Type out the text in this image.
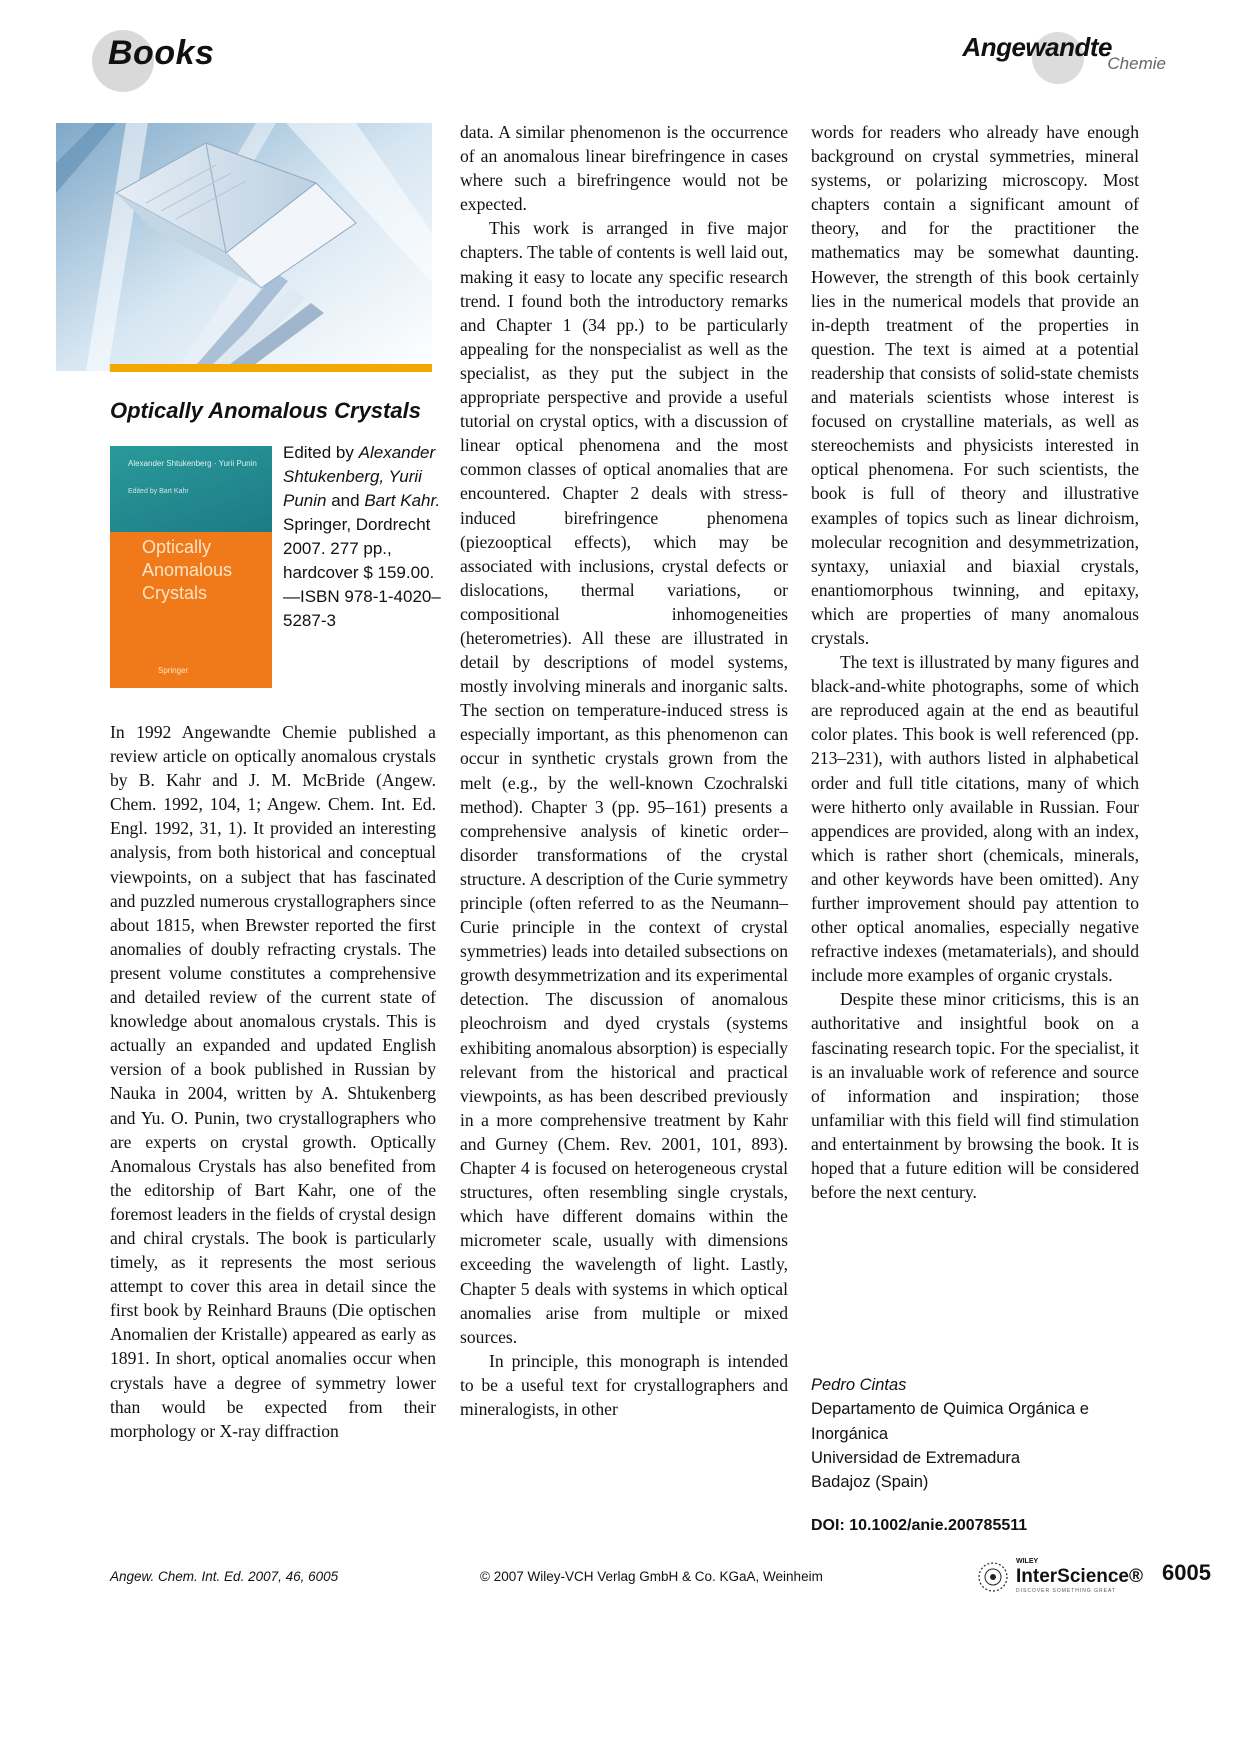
Books	Angewandte
Chemie
Optically Anomalous Crystals
Alexander Shtukenberg · Yurii Punin
Edited by Bart Kahr
Optically Anomalous Crystals
Springer
Edited by Alexander Shtukenberg, Yurii Punin and Bart Kahr. Springer, Dordrecht 2007. 277 pp., hardcover $ 159.00.—ISBN 978-1-4020–5287-3

In 1992 Angewandte Chemie published a review article on optically anomalous crystals by B. Kahr and J. M. McBride (Angew. Chem. 1992, 104, 1; Angew. Chem. Int. Ed. Engl. 1992, 31, 1). It provided an interesting analysis, from both historical and conceptual viewpoints, on a subject that has fascinated and puzzled numerous crystallographers since about 1815, when Brewster reported the first anomalies of doubly refracting crystals. The present volume constitutes a comprehensive and detailed review of the current state of knowledge about anomalous crystals. This is actually an expanded and updated English version of a book published in Russian by Nauka in 2004, written by A. Shtukenberg and Yu. O. Punin, two crystallographers who are experts on crystal growth. Optically Anomalous Crystals has also benefited from the editorship of Bart Kahr, one of the foremost leaders in the fields of crystal design and chiral crystals. The book is particularly timely, as it represents the most serious attempt to cover this area in detail since the first book by Reinhard Brauns (Die optischen Anomalien der Kristalle) appeared as early as 1891. In short, optical anomalies occur when crystals have a degree of symmetry lower than would be expected from their morphology or X-ray diffraction

data. A similar phenomenon is the occurrence of an anomalous linear birefringence in cases where such a birefringence would not be expected.

This work is arranged in five major chapters. The table of contents is well laid out, making it easy to locate any specific research trend. I found both the introductory remarks and Chapter 1 (34 pp.) to be particularly appealing for the nonspecialist as well as the specialist, as they put the subject in the appropriate perspective and provide a useful tutorial on crystal optics, with a discussion of linear optical phenomena and the most common classes of optical anomalies that are encountered. Chapter 2 deals with stress-induced birefringence phenomena (piezooptical effects), which may be associated with inclusions, crystal defects or dislocations, thermal variations, or compositional inhomogeneities (heterometries). All these are illustrated in detail by descriptions of model systems, mostly involving minerals and inorganic salts. The section on temperature-induced stress is especially important, as this phenomenon can occur in synthetic crystals grown from the melt (e.g., by the well-known Czochralski method). Chapter 3 (pp. 95–161) presents a comprehensive analysis of kinetic order–disorder transformations of the crystal structure. A description of the Curie symmetry principle (often referred to as the Neumann–Curie principle in the context of crystal symmetries) leads into detailed subsections on growth desymmetrization and its experimental detection. The discussion of anomalous pleochroism and dyed crystals (systems exhibiting anomalous absorption) is especially relevant from the historical and practical viewpoints, as has been described previously in a more comprehensive treatment by Kahr and Gurney (Chem. Rev. 2001, 101, 893). Chapter 4 is focused on heterogeneous crystal structures, often resembling single crystals, which have different domains within the micrometer scale, usually with dimensions exceeding the wavelength of light. Lastly, Chapter 5 deals with systems in which optical anomalies arise from multiple or mixed sources.

In principle, this monograph is intended to be a useful text for crystallographers and mineralogists, in other

words for readers who already have enough background on crystal symmetries, mineral systems, or polarizing microscopy. Most chapters contain a significant amount of theory, and for the practitioner the mathematics may be somewhat daunting. However, the strength of this book certainly lies in the numerical models that provide an in-depth treatment of the properties in question. The text is aimed at a potential readership that consists of solid-state chemists and materials scientists whose interest is focused on crystalline materials, as well as stereochemists and physicists interested in optical phenomena. For such scientists, the book is full of theory and illustrative examples of topics such as linear dichroism, molecular recognition and desymmetrization, syntaxy, uniaxial and biaxial crystals, enantiomorphous twinning, and epitaxy, which are properties of many anomalous crystals.

The text is illustrated by many figures and black-and-white photographs, some of which are reproduced again at the end as beautiful color plates. This book is well referenced (pp. 213–231), with authors listed in alphabetical order and full title citations, many of which were hitherto only available in Russian. Four appendices are provided, along with an index, which is rather short (chemicals, minerals, and other keywords have been omitted). Any further improvement should pay attention to other optical anomalies, especially negative refractive indexes (metamaterials), and should include more examples of organic crystals.

Despite these minor criticisms, this is an authoritative and insightful book on a fascinating research topic. For the specialist, it is an invaluable work of reference and source of information and inspiration; those unfamiliar with this field will find stimulation and entertainment by browsing the book. It is hoped that a future edition will be considered before the next century.

Pedro Cintas
Departamento de Quimica Orgánica e Inorgánica
Universidad de Extremadura
Badajoz (Spain)
DOI: 10.1002/anie.200785511
Angew. Chem. Int. Ed. 2007, 46, 6005	© 2007 Wiley-VCH Verlag GmbH & Co. KGaA, Weinheim
WILEY
InterScience®
DISCOVER SOMETHING GREAT
6005
